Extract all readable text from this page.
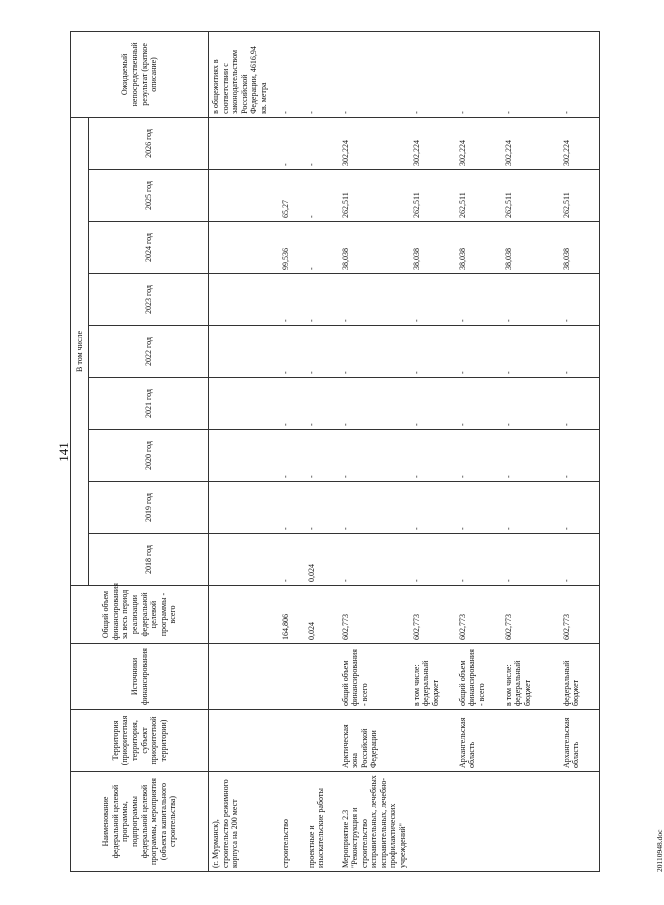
141
Наименование федеральной целевой программы, подпрограммы федеральной целевой программы, мероприятия (объекта капитального строительства)	Территория (приоритетная территория, субъект приоритетной территории)	Источники финансирования	Общий объем финансирования за весь период реализации федеральной целевой программы - всего	В том числе									Ожидаемый непосредственный результат (краткое описание)
				2018 год	2019 год	2020 год	2021 год	2022 год	2023 год	2024 год	2025 год	2026 год	
(г. Мурманск), строительство режимного корпуса на 200 мест													в общежитиях в соответствии с законодательством Российской Федерации, 4616,94 кв. метра
строительство			164,806	-	-	-	-	-	-	99,536	65,27	-	-
проектные и изыскательские работы			0,024	0,024	-	-	-	-	-	-	-	-	-
Мероприятие 2.3 "Реконструкция и строительство исправительных, лечебных исправительных, лечебно-профилактических учреждений"	Арктическая зона Российской Федерации	общий объем финансирования - всего	602,773	-	-	-	-	-	-	38,038	262,511	302,224	-
		в том числе: федеральный бюджет	602,773	-	-	-	-	-	-	38,038	262,511	302,224	-
	Архангельская область	общий объем финансирования - всего	602,773	-	-	-	-	-	-	38,038	262,511	302,224	-
		в том числе: федеральный бюджет	602,773	-	-	-	-	-	-	38,038	262,511	302,224	-
	Архангельская область	федеральный бюджет	602,773	-	-	-	-	-	-	38,038	262,511	302,224	-
20110948.doc
